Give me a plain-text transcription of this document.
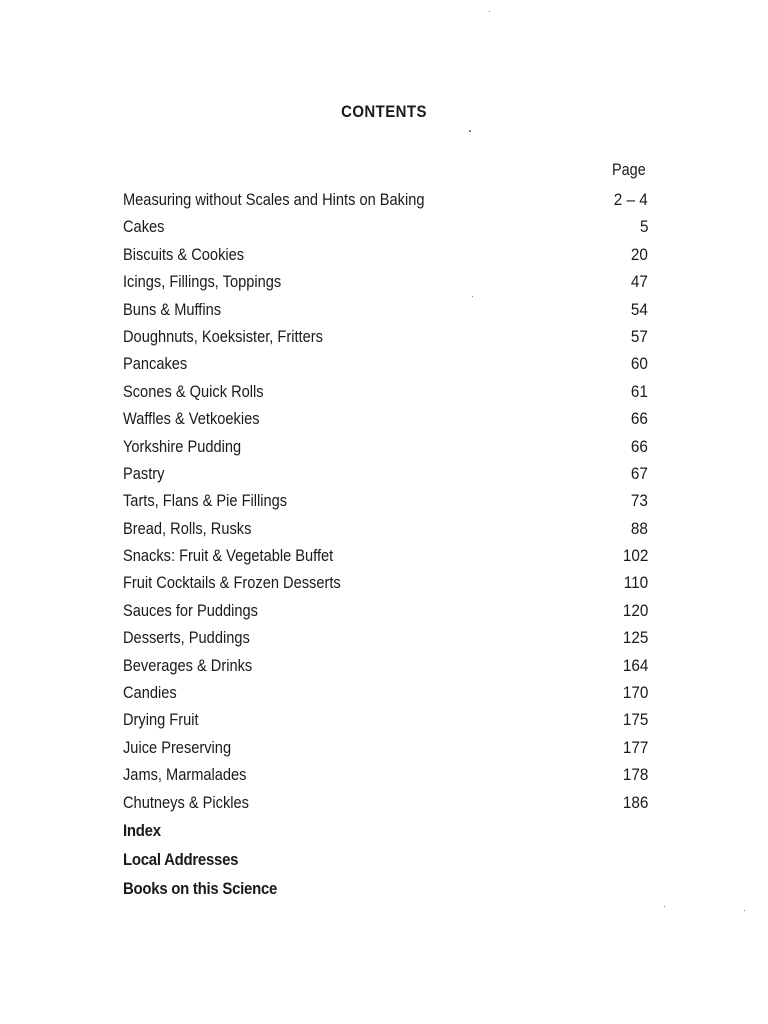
CONTENTS
Page
Measuring without Scales and Hints on Baking	2 – 4
Cakes	5
Biscuits & Cookies	20
Icings, Fillings, Toppings	47
Buns & Muffins	54
Doughnuts, Koeksister, Fritters	57
Pancakes	60
Scones & Quick Rolls	61
Waffles & Vetkoekies	66
Yorkshire Pudding	66
Pastry	67
Tarts, Flans & Pie Fillings	73
Bread, Rolls, Rusks	88
Snacks: Fruit & Vegetable Buffet	102
Fruit Cocktails & Frozen Desserts	110
Sauces for Puddings	120
Desserts, Puddings	125
Beverages & Drinks	164
Candies	170
Drying Fruit	175
Juice Preserving	177
Jams, Marmalades	178
Chutneys & Pickles	186
Index
Local Addresses
Books on this Science
